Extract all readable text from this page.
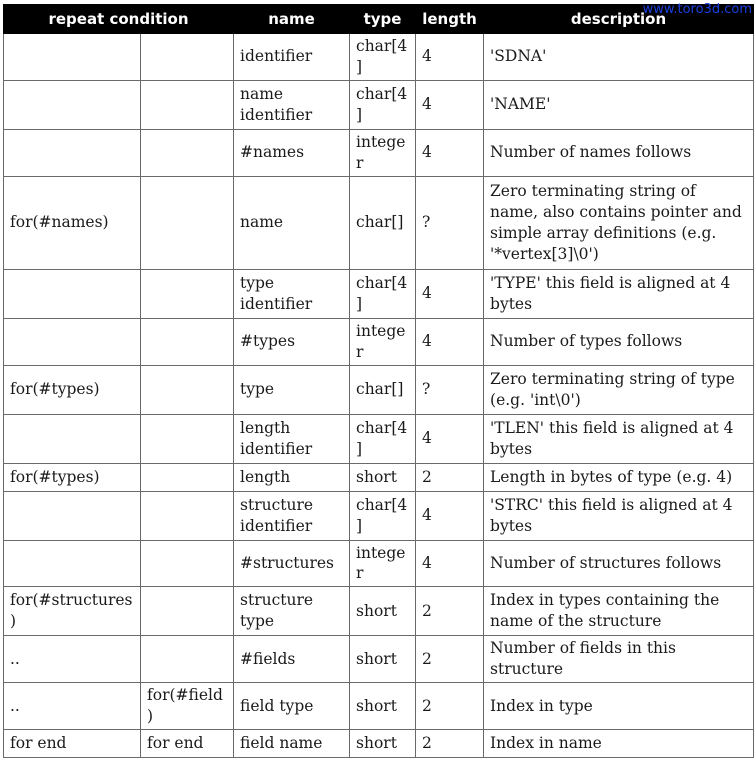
www.toro3d.com
repeat condition		name	type	length	description
		identifier	char[4]	4	'SDNA'
		name identifier	char[4]	4	'NAME'
		#names	integer	4	Number of names follows
for(#names)		name	char[]	?	Zero terminating string of name, also contains pointer and simple array definitions (e.g. '*vertex[3]\0')
		type identifier	char[4]	4	'TYPE' this field is aligned at 4 bytes
		#types	integer	4	Number of types follows
for(#types)		type	char[]	?	Zero terminating string of type (e.g. 'int\0')
		length identifier	char[4]	4	'TLEN' this field is aligned at 4 bytes
for(#types)		length	short	2	Length in bytes of type (e.g. 4)
		structure identifier	char[4]	4	'STRC' this field is aligned at 4 bytes
		#structures	integer	4	Number of structures follows
for(#structures)		structure type	short	2	Index in types containing the name of the structure
..		#fields	short	2	Number of fields in this structure
..	for(#field)	field type	short	2	Index in type
for end	for end	field name	short	2	Index in name
